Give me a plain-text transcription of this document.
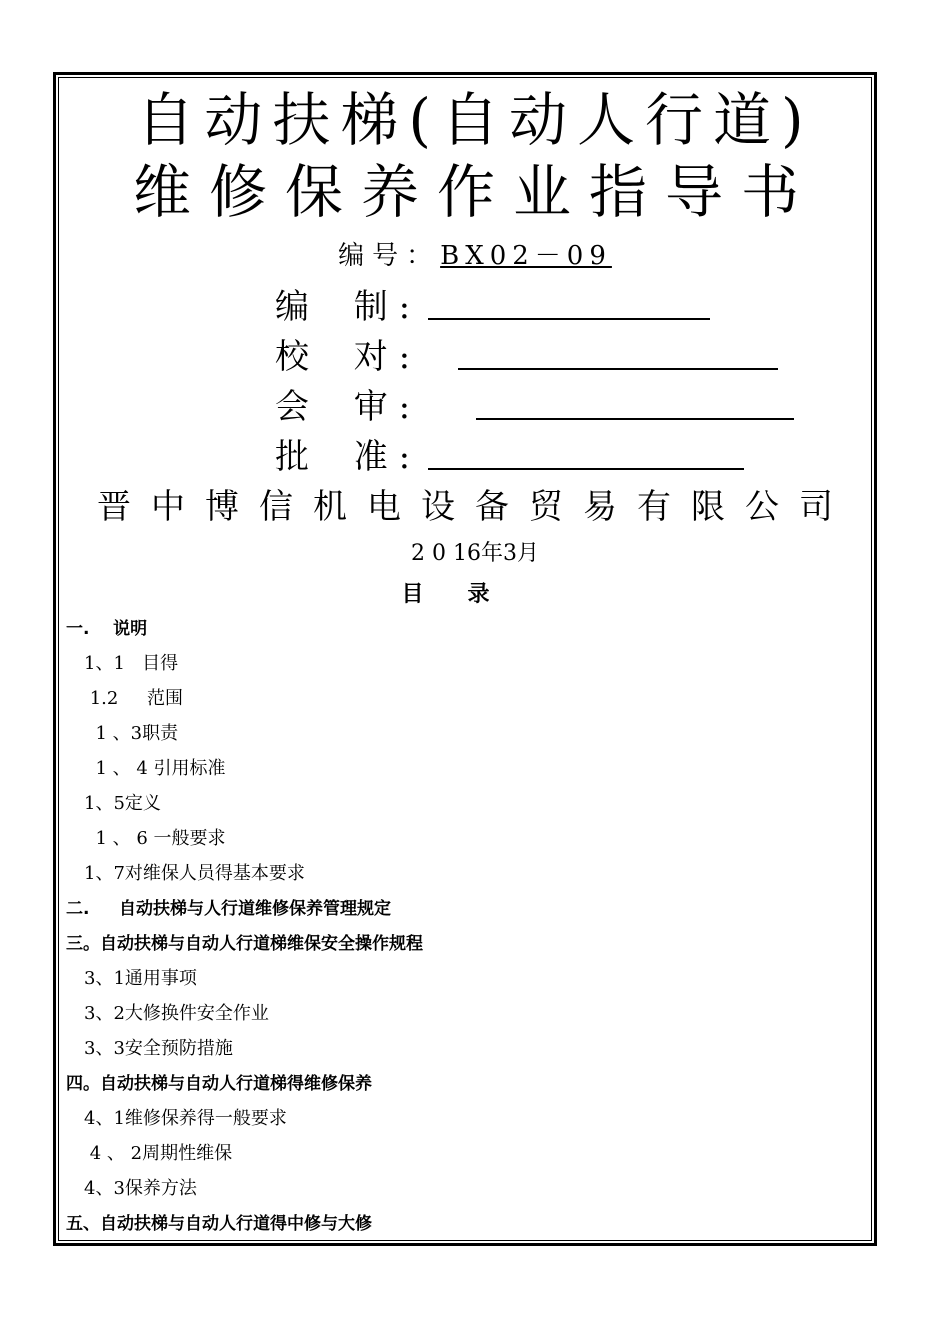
自动扶梯(自动人行道)
维修保养作业指导书
编号：BX02－09
编　 制 :
校　 对 :
会　 审 :
批　 准 :
晋中博信机电设备贸易有限公司
2 0 16年3月
目录
一.    说明
1、1   目得
1.2     范围
1 、3职责
1 、 4 引用标准
1、5定义
1 、 6 一般要求
1、7对维保人员得基本要求
二.     自动扶梯与人行道维修保养管理规定
三。自动扶梯与自动人行道梯维保安全操作规程
3、1通用事项
3、2大修换件安全作业
3、3安全预防措施
四。自动扶梯与自动人行道梯得维修保养
4、1维修保养得一般要求
4 、 2周期性维保
4、3保养方法
五、自动扶梯与自动人行道得中修与大修
